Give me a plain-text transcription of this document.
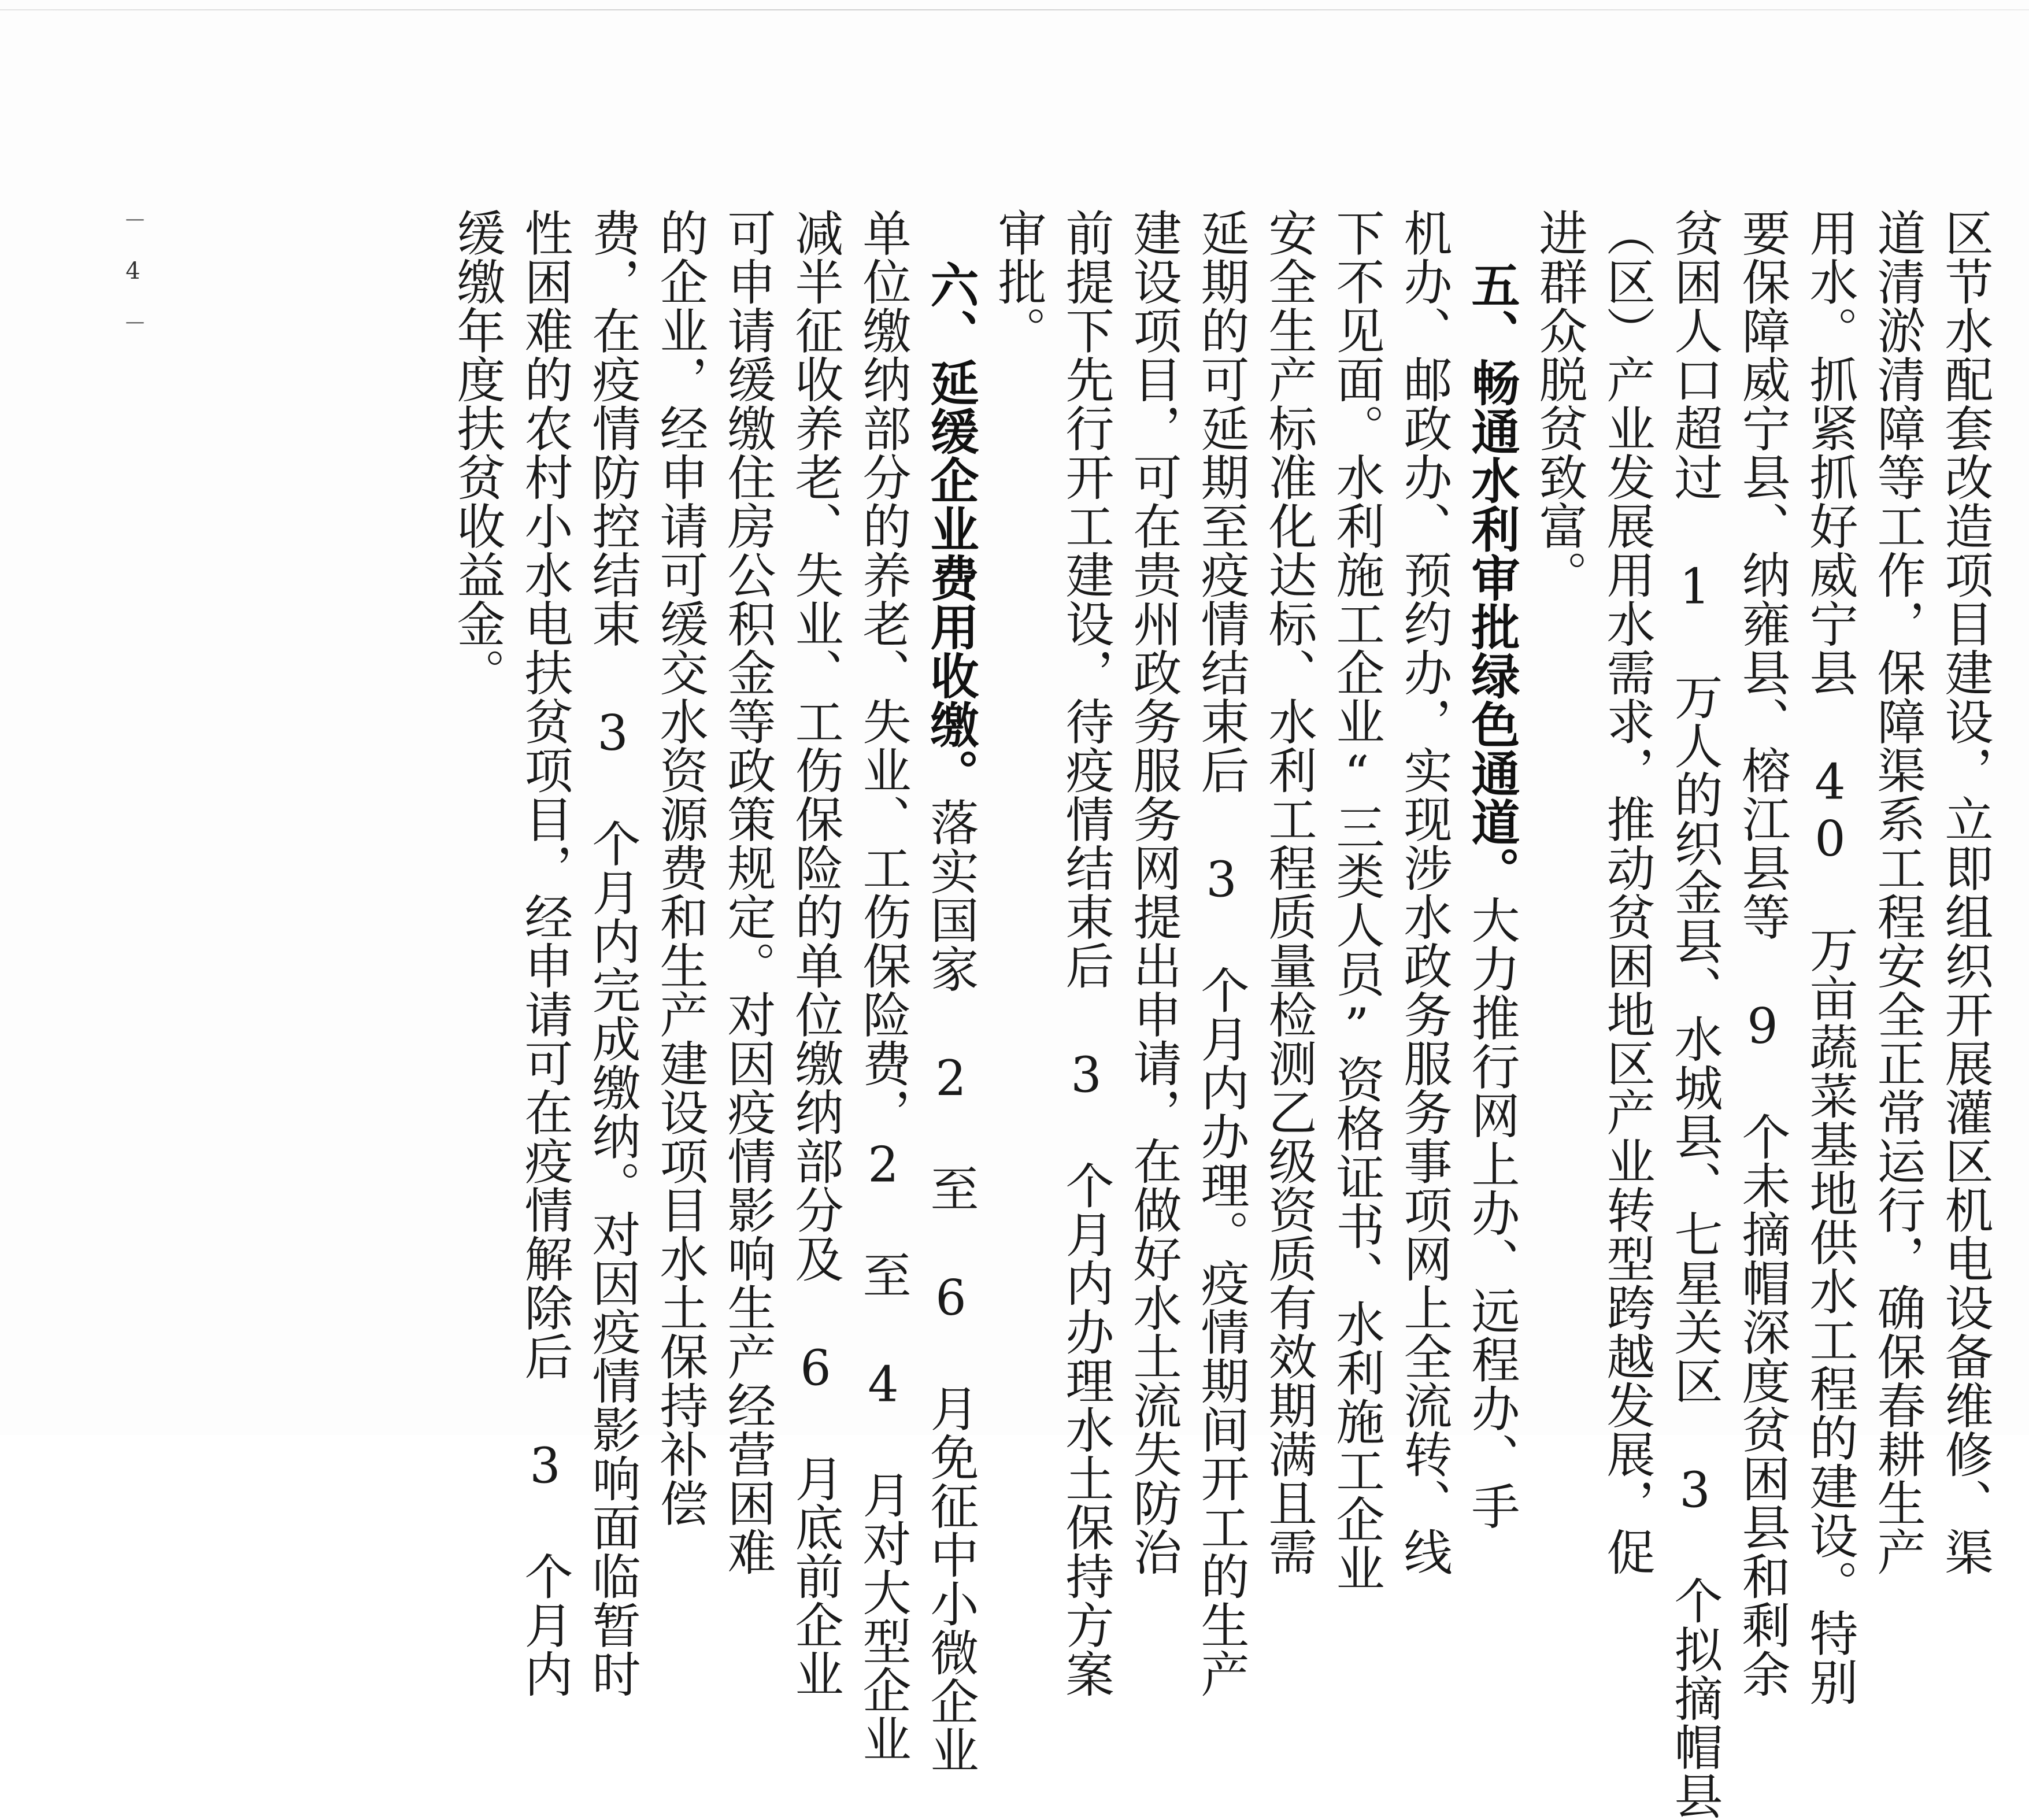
区节水配套改造项目建设，立即组织开展灌区机电设备维修、渠
道清淤清障等工作，保障渠系工程安全正常运行，确保春耕生产
用水。抓紧抓好威宁县 40 万亩蔬菜基地供水工程的建设。特别
要保障威宁县、纳雍县、榕江县等 9 个未摘帽深度贫困县和剩余
贫困人口超过 1 万人的织金县、水城县、七星关区 3 个拟摘帽县
（区）产业发展用水需求，推动贫困地区产业转型跨越发展，促
进群众脱贫致富。
五、畅通水利审批绿色通道。大力推行网上办、远程办、手
机办、邮政办、预约办，实现涉水政务服务事项网上全流转、线
下不见面。水利施工企业“三类人员”资格证书、水利施工企业
安全生产标准化达标、水利工程质量检测乙级资质有效期满且需
延期的可延期至疫情结束后 3 个月内办理。疫情期间开工的生产
建设项目，可在贵州政务服务网提出申请，在做好水土流失防治
前提下先行开工建设，待疫情结束后 3 个月内办理水土保持方案
审批。
六、延缓企业费用收缴。落实国家 2 至 6 月免征中小微企业
单位缴纳部分的养老、失业、工伤保险费，2 至 4 月对大型企业
减半征收养老、失业、工伤保险的单位缴纳部分及 6 月底前企业
可申请缓缴住房公积金等政策规定。对因疫情影响生产经营困难
的企业，经申请可缓交水资源费和生产建设项目水土保持补偿
费，在疫情防控结束 3 个月内完成缴纳。对因疫情影响面临暂时
性困难的农村小水电扶贫项目，经申请可在疫情解除后 3 个月内
缓缴年度扶贫收益金。
－ 4 －
